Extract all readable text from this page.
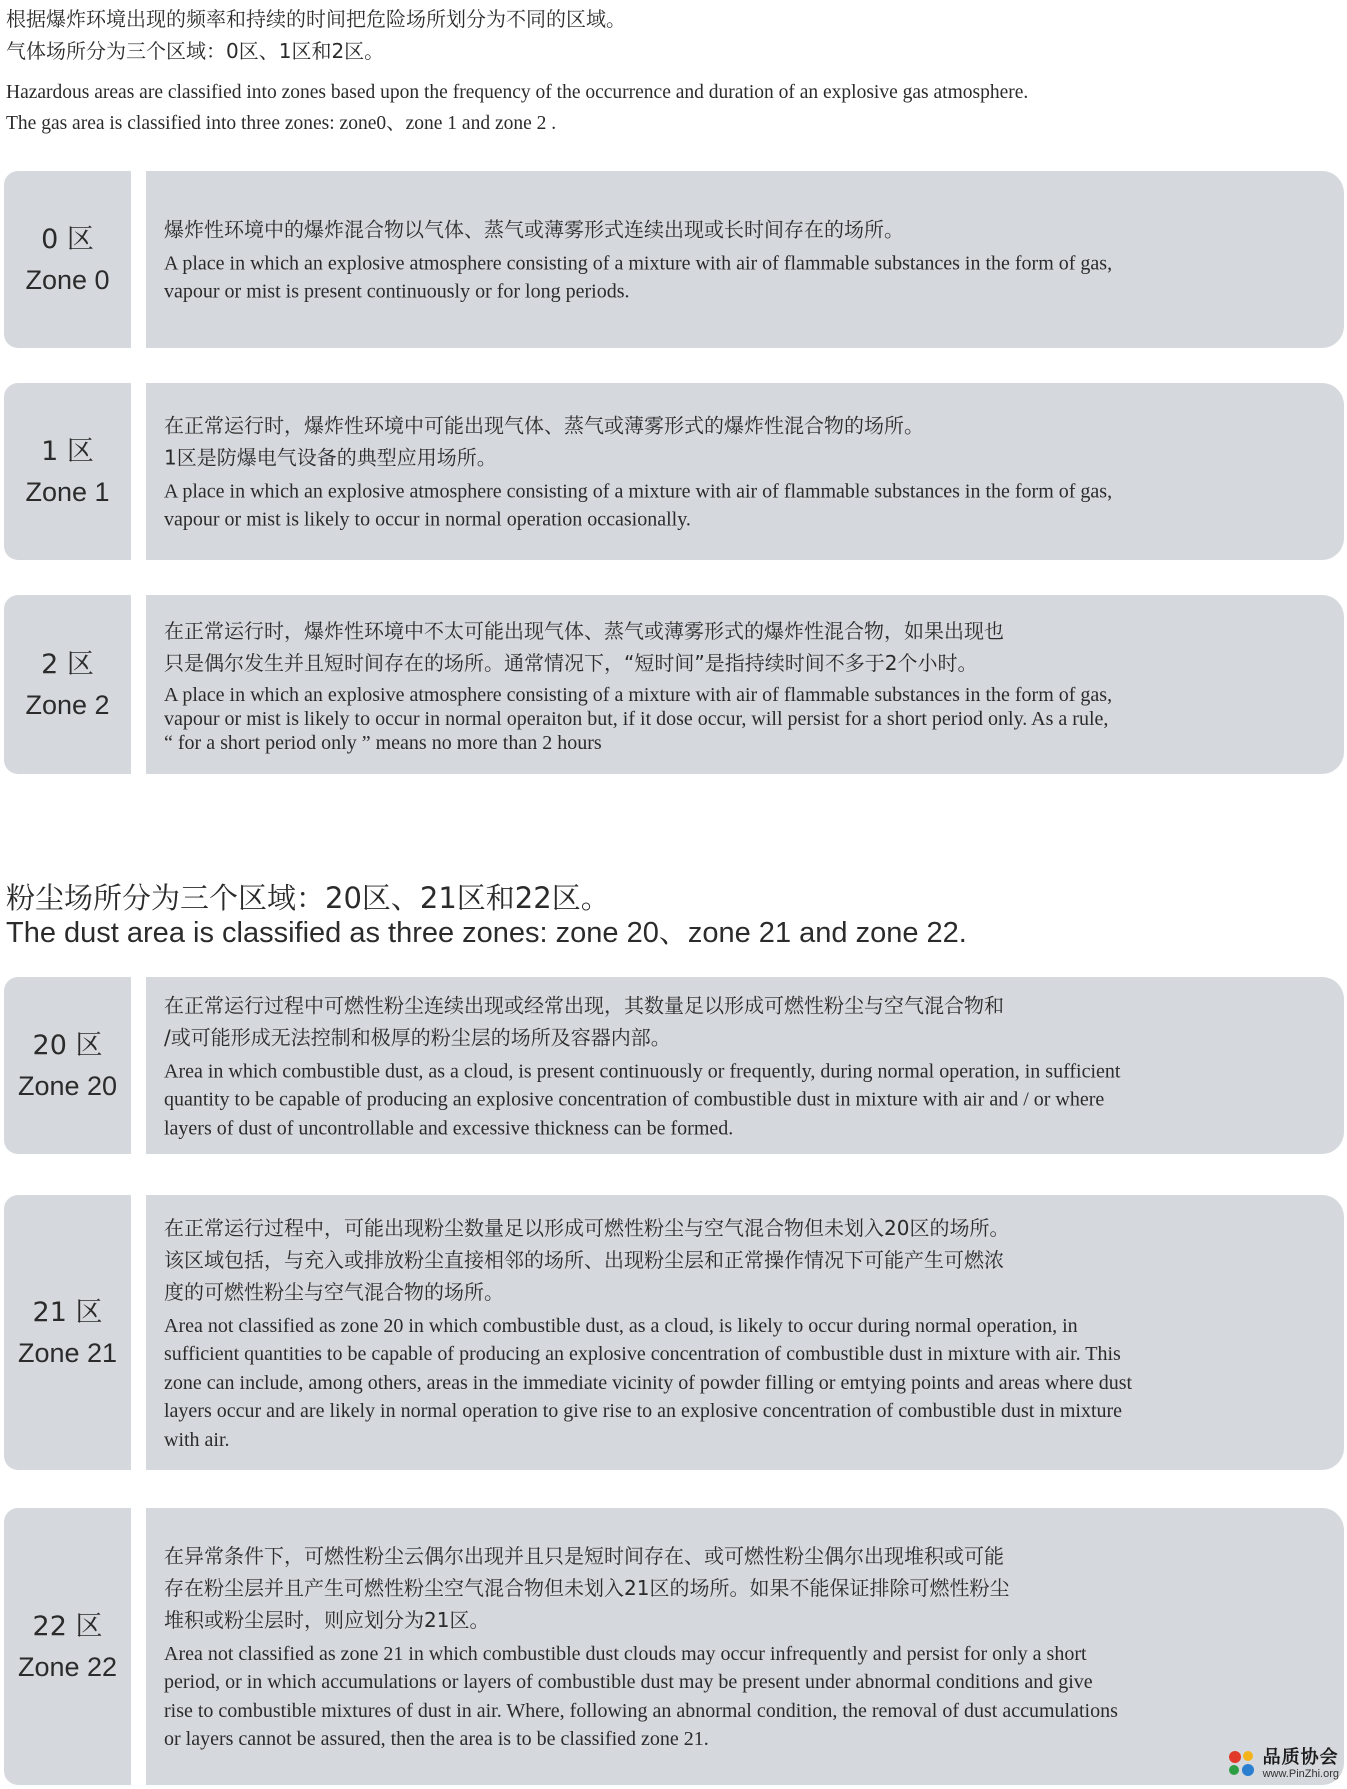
根据爆炸环境出现的频率和持续的时间把危险场所划分为不同的区域。
气体场所分为三个区域：0区、1区和2区。
Hazardous areas are classified into zones based upon the frequency of the occurrence and duration of an explosive gas atmosphere.
The gas area is classified into three zones: zone0、zone 1 and zone 2 .
0 区
Zone 0
爆炸性环境中的爆炸混合物以气体、蒸气或薄雾形式连续出现或长时间存在的场所。
A place in which an explosive atmosphere consisting of a mixture with air of flammable substances in the form of gas,
vapour or mist is present continuously or for long periods.
1 区
Zone 1
在正常运行时，爆炸性环境中可能出现气体、蒸气或薄雾形式的爆炸性混合物的场所。
1区是防爆电气设备的典型应用场所。
A place in which an explosive atmosphere consisting of a mixture with air of flammable substances in the form of gas,
vapour or mist is likely to occur in normal operation occasionally.
2 区
Zone 2
在正常运行时，爆炸性环境中不太可能出现气体、蒸气或薄雾形式的爆炸性混合物，如果出现也
只是偶尔发生并且短时间存在的场所。通常情况下，“短时间”是指持续时间不多于2个小时。
A place in which an explosive atmosphere consisting of a mixture with air of flammable substances in the form of gas,
vapour or mist is likely to occur in normal operaiton but, if it dose occur, will persist for a short period only. As a rule,
“ for a short period only ” means no more than 2 hours
粉尘场所分为三个区域：20区、21区和22区。
The dust area is classified as three zones: zone 20、zone 21 and zone 22.
20 区
Zone 20
在正常运行过程中可燃性粉尘连续出现或经常出现，其数量足以形成可燃性粉尘与空气混合物和
/或可能形成无法控制和极厚的粉尘层的场所及容器内部。
Area in which combustible dust, as a cloud, is present continuously or frequently, during normal operation, in sufficient
quantity to be capable of producing an explosive concentration of combustible dust in mixture with air and / or where
layers of dust of uncontrollable and excessive thickness can be formed.
21 区
Zone 21
在正常运行过程中，可能出现粉尘数量足以形成可燃性粉尘与空气混合物但未划入20区的场所。
该区域包括，与充入或排放粉尘直接相邻的场所、出现粉尘层和正常操作情况下可能产生可燃浓
度的可燃性粉尘与空气混合物的场所。
Area not classified as zone 20 in which combustible dust, as a cloud, is likely to occur during normal operation, in
sufficient quantities to be capable of producing an explosive concentration of combustible dust in mixture with air. This
zone can include, among others, areas in the immediate vicinity of powder filling or emtying points and areas where dust
layers occur and are likely in normal operation to give rise to an explosive concentration of combustible dust in mixture
with air.
22 区
Zone 22
在异常条件下，可燃性粉尘云偶尔出现并且只是短时间存在、或可燃性粉尘偶尔出现堆积或可能
存在粉尘层并且产生可燃性粉尘空气混合物但未划入21区的场所。如果不能保证排除可燃性粉尘
堆积或粉尘层时，则应划分为21区。
Area not classified as zone 21 in which combustible dust clouds may occur infrequently and persist for only a short
period, or in which accumulations or layers of combustible dust may be present under abnormal conditions and give
rise to combustible mixtures of dust in air. Where, following an abnormal condition, the removal of dust accumulations
or layers cannot be assured, then the area is to be classified zone 21.
品质协会
www.PinZhi.org
